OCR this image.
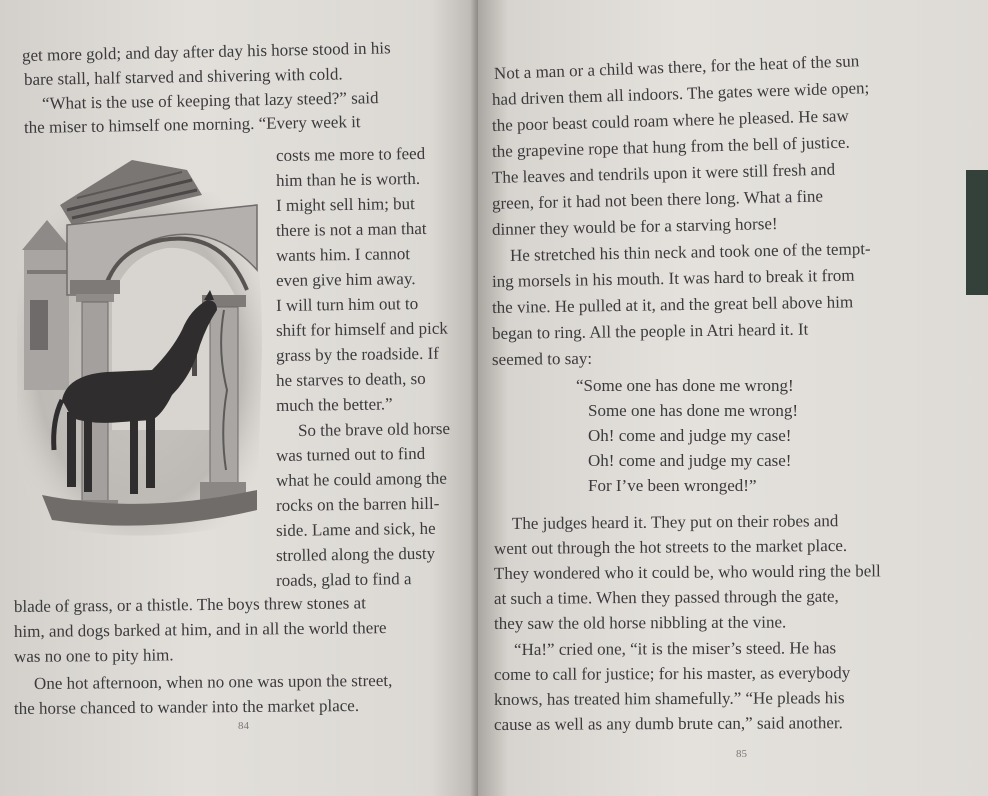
get more gold; and day after day his horse stood in his
bare stall, half starved and shivering with cold.
“What is the use of keeping that lazy steed?” said
the miser to himself one morning. “Every week it
costs me more to feed
him than he is worth.
I might sell him; but
there is not a man that
wants him. I cannot
even give him away.
I will turn him out to
shift for himself and pick
grass by the roadside. If
he starves to death, so
much the better.”
So the brave old horse
was turned out to find
what he could among the
rocks on the barren hill-
side. Lame and sick, he
strolled along the dusty
roads, glad to find a
blade of grass, or a thistle. The boys threw stones at
him, and dogs barked at him, and in all the world there
was no one to pity him.
One hot afternoon, when no one was upon the street,
the horse chanced to wander into the market place.
84
Not a man or a child was there, for the heat of the sun
had driven them all indoors. The gates were wide open;
the poor beast could roam where he pleased. He saw
the grapevine rope that hung from the bell of justice.
The leaves and tendrils upon it were still fresh and
green, for it had not been there long. What a fine
dinner they would be for a starving horse!
He stretched his thin neck and took one of the tempt-
ing morsels in his mouth. It was hard to break it from
the vine. He pulled at it, and the great bell above him
began to ring. All the people in Atri heard it. It
seemed to say:
“Some one has done me wrong!
Some one has done me wrong!
Oh! come and judge my case!
Oh! come and judge my case!
For I’ve been wronged!”
The judges heard it. They put on their robes and
went out through the hot streets to the market place.
They wondered who it could be, who would ring the bell
at such a time. When they passed through the gate,
they saw the old horse nibbling at the vine.
“Ha!” cried one, “it is the miser’s steed. He has
come to call for justice; for his master, as everybody
knows, has treated him shamefully.” “He pleads his
cause as well as any dumb brute can,” said another.
85
